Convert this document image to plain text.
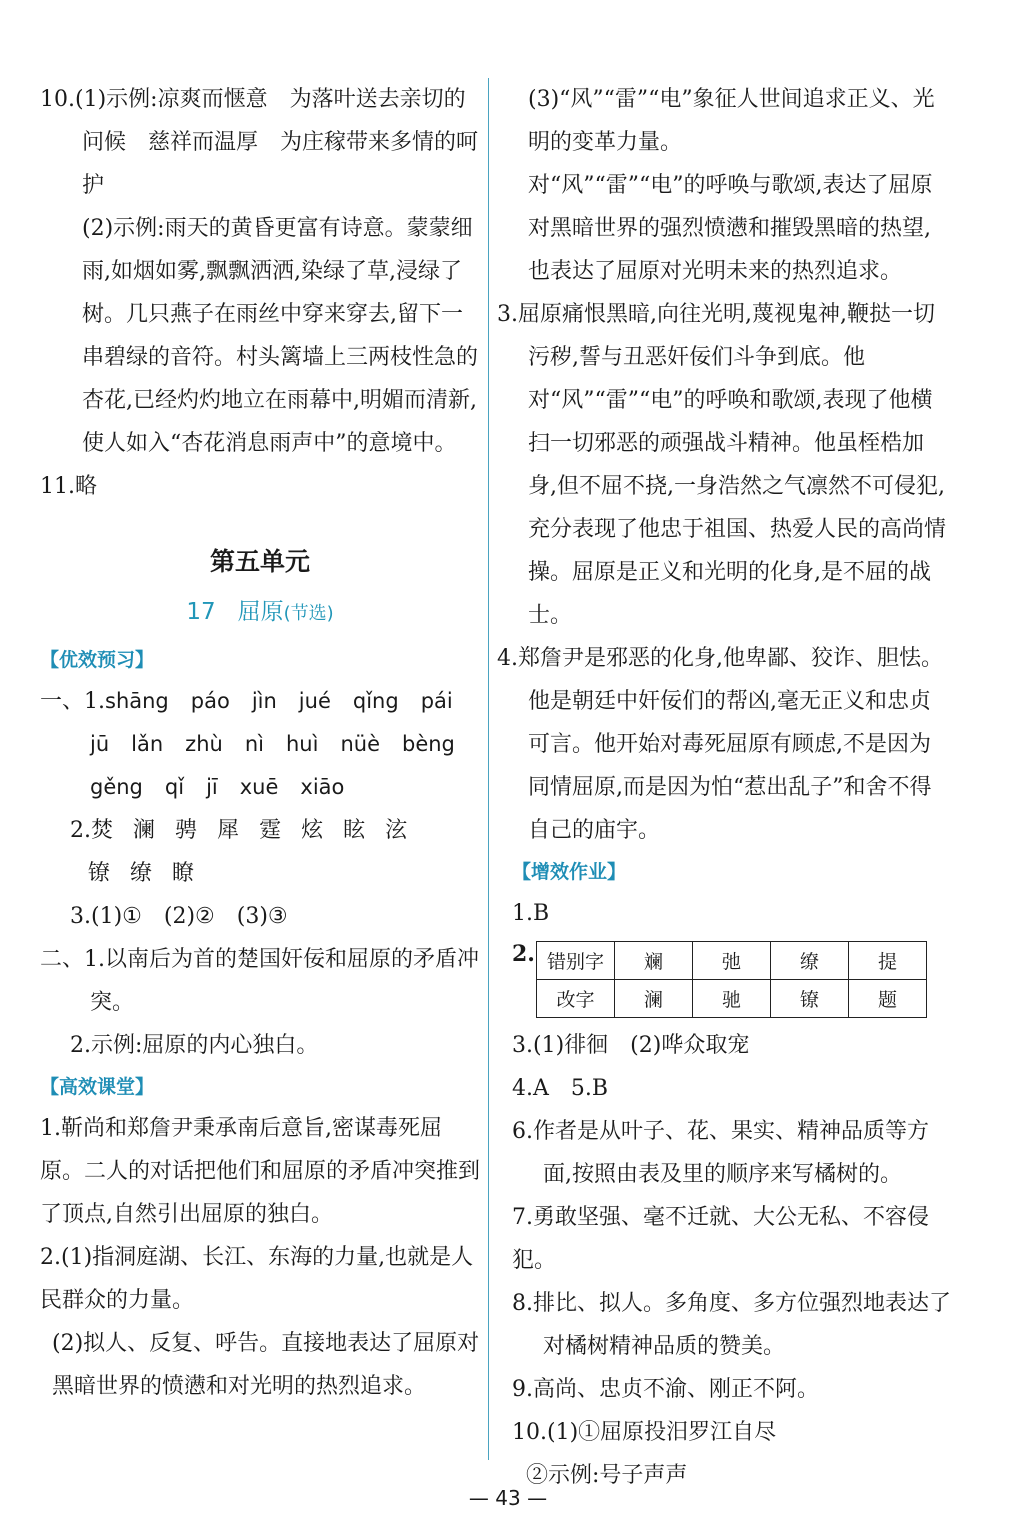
10.(1)示例:凉爽而惬意　为落叶送去亲切的问候　慈祥而温厚　为庄稼带来多情的呵护

(2)示例:雨天的黄昏更富有诗意。蒙蒙细雨,如烟如雾,飘飘洒洒,染绿了草,浸绿了树。几只燕子在雨丝中穿来穿去,留下一串碧绿的音符。村头篱墙上三两枝性急的杏花,已经灼灼地立在雨幕中,明媚而清新,使人如入“杏花消息雨声中”的意境中。

11.略

第五单元
17 屈原(节选)
【优效预习】
一、1.shāng páo jìn jué qǐng pái
jū lǎn zhù nì huì nüè bèng
gěng qǐ jī xuē xiāo
2.焚 澜 骋 犀 霆 炫 眩 泫
镣 缭 瞭

3.(1)①　(2)②　(3)③

二、1.以南后为首的楚国奸佞和屈原的矛盾冲突。

2.示例:屈原的内心独白。

【高效课堂】

1.靳尚和郑詹尹秉承南后意旨,密谋毒死屈原。二人的对话把他们和屈原的矛盾冲突推到了顶点,自然引出屈原的独白。

2.(1)指洞庭湖、长江、东海的力量,也就是人民群众的力量。

(2)拟人、反复、呼告。直接地表达了屈原对黑暗世界的愤懑和对光明的热烈追求。

(3)“风”“雷”“电”象征人世间追求正义、光明的变革力量。

对“风”“雷”“电”的呼唤与歌颂,表达了屈原对黑暗世界的强烈愤懑和摧毁黑暗的热望,也表达了屈原对光明未来的热烈追求。

3.屈原痛恨黑暗,向往光明,蔑视鬼神,鞭挞一切污秽,誓与丑恶奸佞们斗争到底。他对“风”“雷”“电”的呼唤和歌颂,表现了他横扫一切邪恶的顽强战斗精神。他虽桎梏加身,但不屈不挠,一身浩然之气凛然不可侵犯,充分表现了他忠于祖国、热爱人民的高尚情操。屈原是正义和光明的化身,是不屈的战士。

4.郑詹尹是邪恶的化身,他卑鄙、狡诈、胆怯。他是朝廷中奸佞们的帮凶,毫无正义和忠贞可言。他开始对毒死屈原有顾虑,不是因为同情屈原,而是因为怕“惹出乱子”和舍不得自己的庙宇。

【增效作业】

1.B

2. 错别字	斓	弛	缭	提
改字	澜	驰	镣	题

3.(1)徘徊　(2)哗众取宠

4.A　5.B

6.作者是从叶子、花、果实、精神品质等方面,按照由表及里的顺序来写橘树的。

7.勇敢坚强、毫不迁就、大公无私、不容侵犯。

8.排比、拟人。多角度、多方位强烈地表达了对橘树精神品质的赞美。

9.高尚、忠贞不渝、刚正不阿。

10.(1)①屈原投汨罗江自尽

②示例:号子声声

— 43 —
